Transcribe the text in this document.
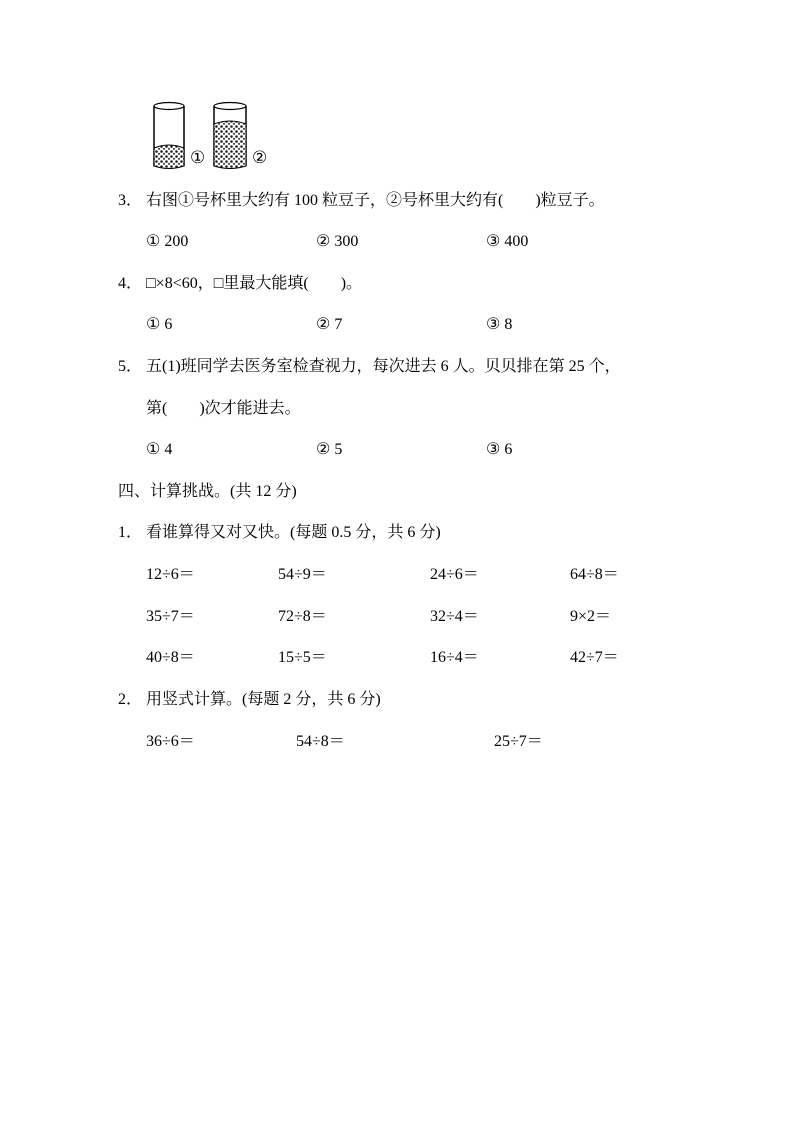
①	②
3． 右图①号杯里大约有 100 粒豆子，②号杯里大约有(　　)粒豆子。
① 200	② 300	③ 400
4． □×8<60，□里最大能填(　　)。
① 6	② 7	③ 8
5． 五(1)班同学去医务室检查视力，每次进去 6 人。贝贝排在第 25 个，
第(　　)次才能进去。
① 4	② 5	③ 6
四、计算挑战。(共 12 分)
1． 看谁算得又对又快。(每题 0.5 分，共 6 分)
12÷6＝	54÷9＝	24÷6＝	64÷8＝
35÷7＝	72÷8＝	32÷4＝	9×2＝
40÷8＝	15÷5＝	16÷4＝	42÷7＝
2． 用竖式计算。(每题 2 分，共 6 分)
36÷6＝	54÷8＝	25÷7＝
